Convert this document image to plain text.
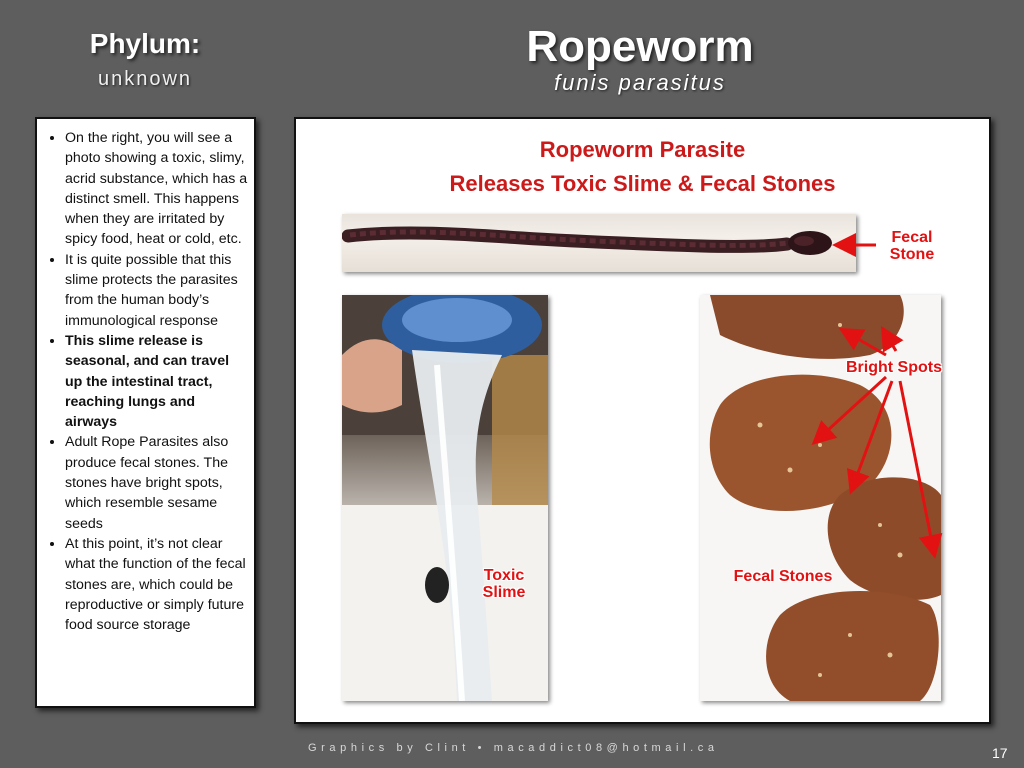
Phylum:
unknown
Ropeworm
funis parasitus
• On the right, you will see a photo showing a toxic, slimy, acrid substance, which has a distinct smell. This happens when they are irritated by spicy food, heat or cold, etc.
• It is quite possible that this slime protects the parasites from the human body’s immunological response
• This slime release is seasonal, and can travel up the intestinal tract, reaching lungs and airways
• Adult Rope Parasites also produce fecal stones. The stones have bright spots, which resemble sesame seeds
• At this point, it’s not clear what the function of the fecal stones are, which could be reproductive or simply future food source storage
Ropeworm Parasite
Releases Toxic Slime & Fecal Stones
Fecal Stone
Bright Spots
Toxic Slime
Fecal Stones
Graphics by Clint • macaddict08@hotmail.ca	17
